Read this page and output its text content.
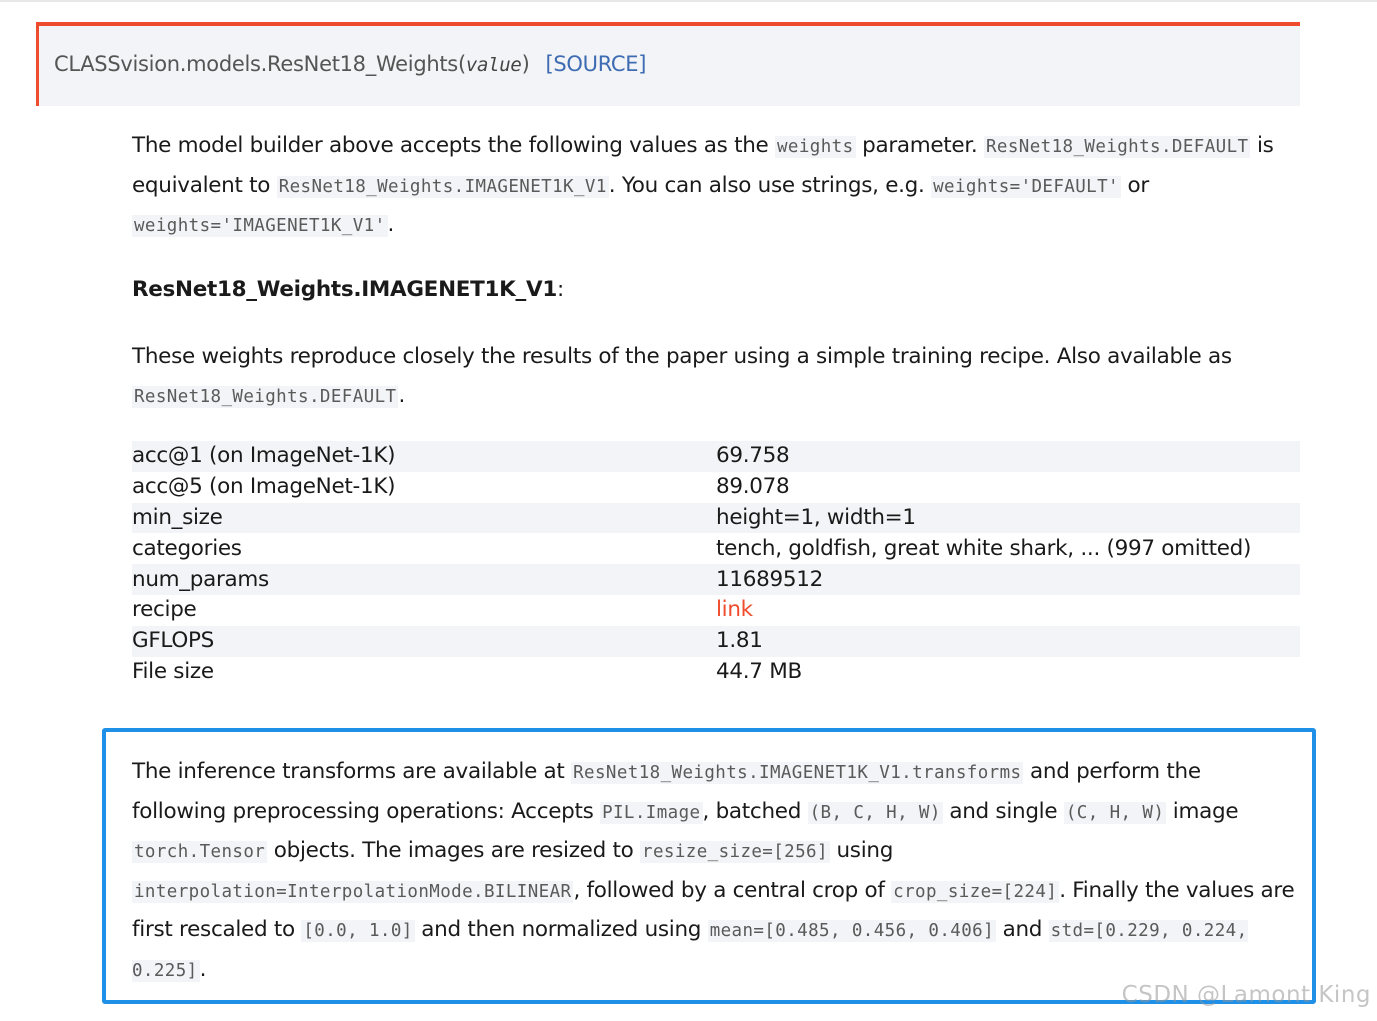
CLASSvision.models.ResNet18_Weights(value) [SOURCE]
The model builder above accepts the following values as the weights parameter. ResNet18_Weights.DEFAULT is equivalent to ResNet18_Weights.IMAGENET1K_V1. You can also use strings, e.g. weights='DEFAULT' or weights='IMAGENET1K_V1'.
ResNet18_Weights.IMAGENET1K_V1:
These weights reproduce closely the results of the paper using a simple training recipe. Also available as ResNet18_Weights.DEFAULT.
acc@1 (on ImageNet-1K)	69.758
acc@5 (on ImageNet-1K)	89.078
min_size	height=1, width=1
categories	tench, goldfish, great white shark, ... (997 omitted)
num_params	11689512
recipe	link
GFLOPS	1.81
File size	44.7 MB
The inference transforms are available at ResNet18_Weights.IMAGENET1K_V1.transforms and perform the following preprocessing operations: Accepts PIL.Image, batched (B, C, H, W) and single (C, H, W) image torch.Tensor objects. The images are resized to resize_size=[256] using interpolation=InterpolationMode.BILINEAR, followed by a central crop of crop_size=[224]. Finally the values are first rescaled to [0.0, 1.0] and then normalized using mean=[0.485, 0.456, 0.406] and std=[0.229, 0.224, 0.225].
CSDN @Lamont King
